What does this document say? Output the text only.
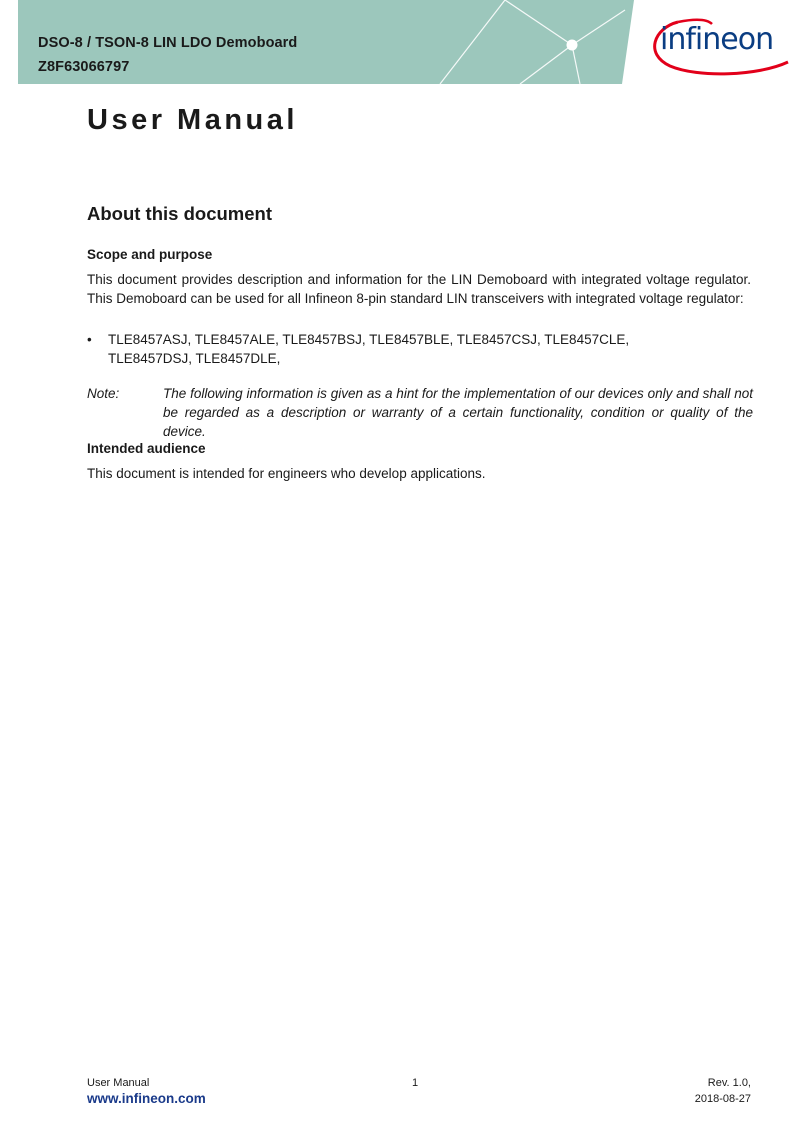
DSO-8 / TSON-8 LIN LDO Demoboard
Z8F63066797
infineon
User Manual
About this document
Scope and purpose
This document provides description and information for the LIN Demoboard with integrated voltage regulator. This Demoboard can be used for all Infineon 8-pin standard LIN transceivers with integrated voltage regulator:
• TLE8457ASJ, TLE8457ALE, TLE8457BSJ, TLE8457BLE, TLE8457CSJ, TLE8457CLE, TLE8457DSJ, TLE8457DLE,
Note:	The following information is given as a hint for the implementation of our devices only and shall not be regarded as a description or warranty of a certain functionality, condition or quality of the device.
Intended audience
This document is intended for engineers who develop applications.
User Manual
www.infineon.com
1	Rev. 1.0,
2018-08-27
